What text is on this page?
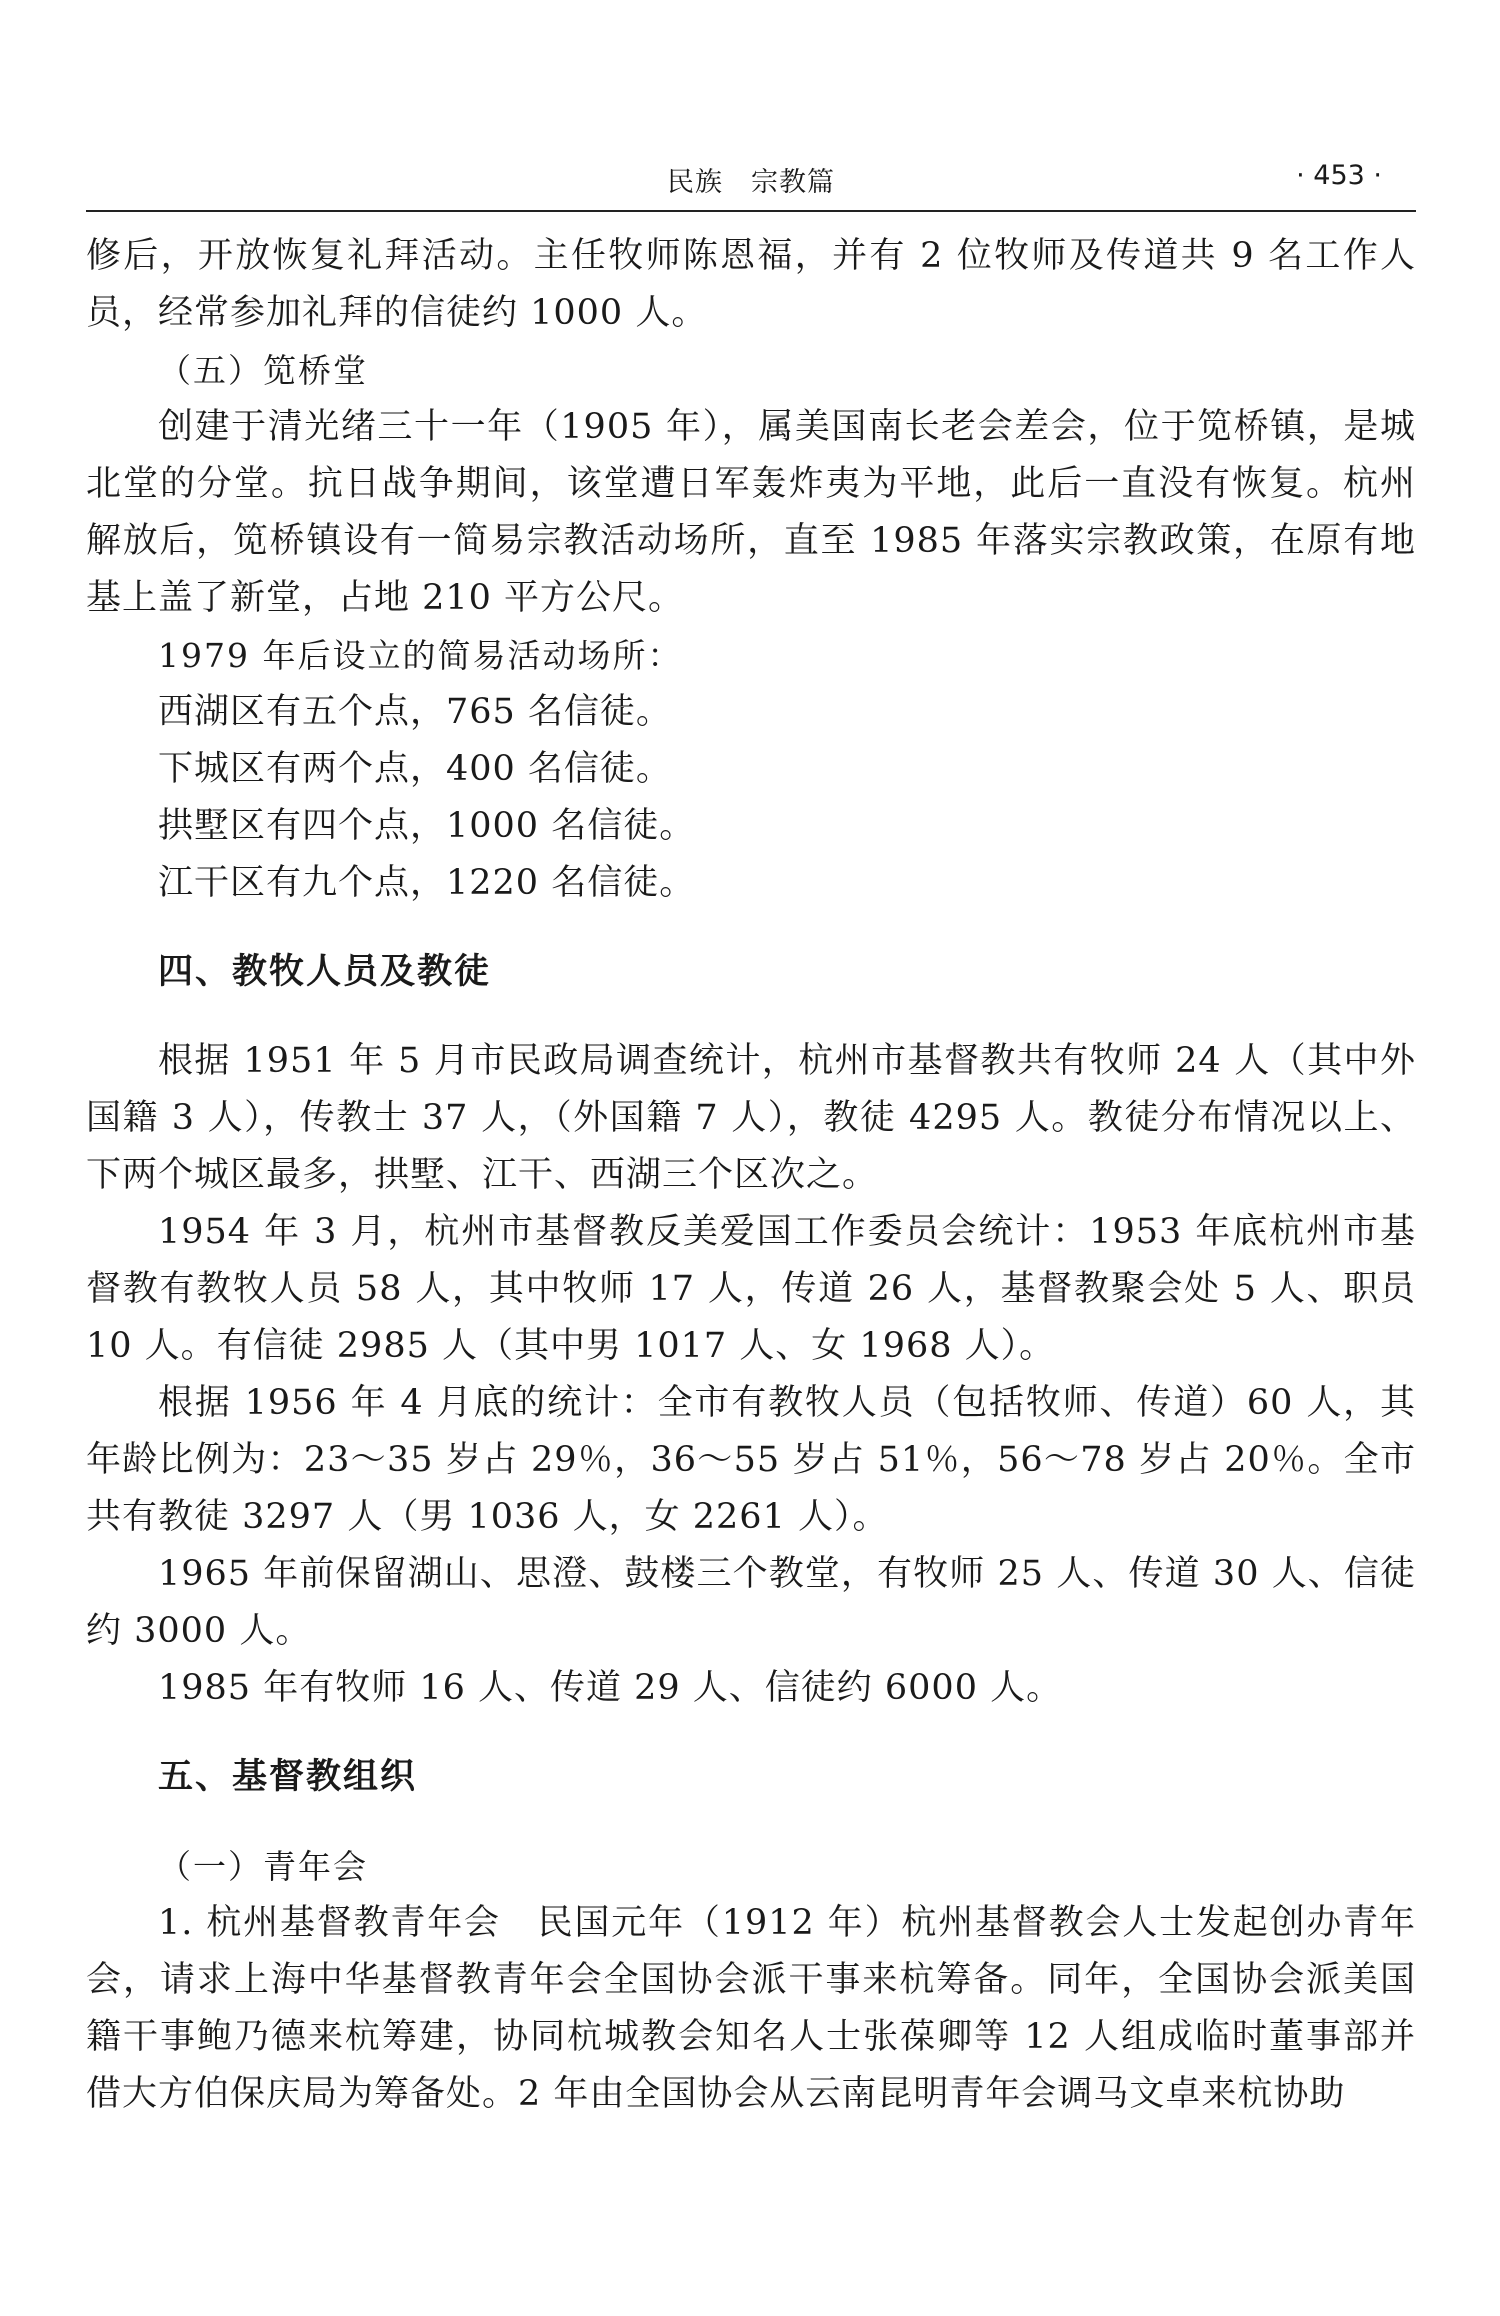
民族　宗教篇	· 453 ·

修后，开放恢复礼拜活动。主任牧师陈恩福，并有 2 位牧师及传道共 9 名工作人员，经常参加礼拜的信徒约 1000 人。

（五）笕桥堂

创建于清光绪三十一年（1905 年），属美国南长老会差会，位于笕桥镇，是城北堂的分堂。抗日战争期间，该堂遭日军轰炸夷为平地，此后一直没有恢复。杭州解放后，笕桥镇设有一简易宗教活动场所，直至 1985 年落实宗教政策，在原有地基上盖了新堂，占地 210 平方公尺。

1979 年后设立的简易活动场所：

西湖区有五个点，765 名信徒。

下城区有两个点，400 名信徒。

拱墅区有四个点，1000 名信徒。

江干区有九个点，1220 名信徒。

四、教牧人员及教徒

根据 1951 年 5 月市民政局调查统计，杭州市基督教共有牧师 24 人（其中外国籍 3 人），传教士 37 人，（外国籍 7 人），教徒 4295 人。教徒分布情况以上、下两个城区最多，拱墅、江干、西湖三个区次之。

1954 年 3 月，杭州市基督教反美爱国工作委员会统计：1953 年底杭州市基督教有教牧人员 58 人，其中牧师 17 人，传道 26 人，基督教聚会处 5 人、职员 10 人。有信徒 2985 人（其中男 1017 人、女 1968 人）。

根据 1956 年 4 月底的统计：全市有教牧人员（包括牧师、传道）60 人，其年龄比例为：23～35 岁占 29％，36～55 岁占 51％，56～78 岁占 20％。全市共有教徒 3297 人（男 1036 人，女 2261 人）。

1965 年前保留湖山、思澄、鼓楼三个教堂，有牧师 25 人、传道 30 人、信徒约 3000 人。

1985 年有牧师 16 人、传道 29 人、信徒约 6000 人。

五、基督教组织

（一）青年会

1. 杭州基督教青年会　民国元年（1912 年）杭州基督教会人士发起创办青年会，请求上海中华基督教青年会全国协会派干事来杭筹备。同年，全国协会派美国籍干事鲍乃德来杭筹建，协同杭城教会知名人士张葆卿等 12 人组成临时董事部并借大方伯保庆局为筹备处。2 年由全国协会从云南昆明青年会调马文卓来杭协助
